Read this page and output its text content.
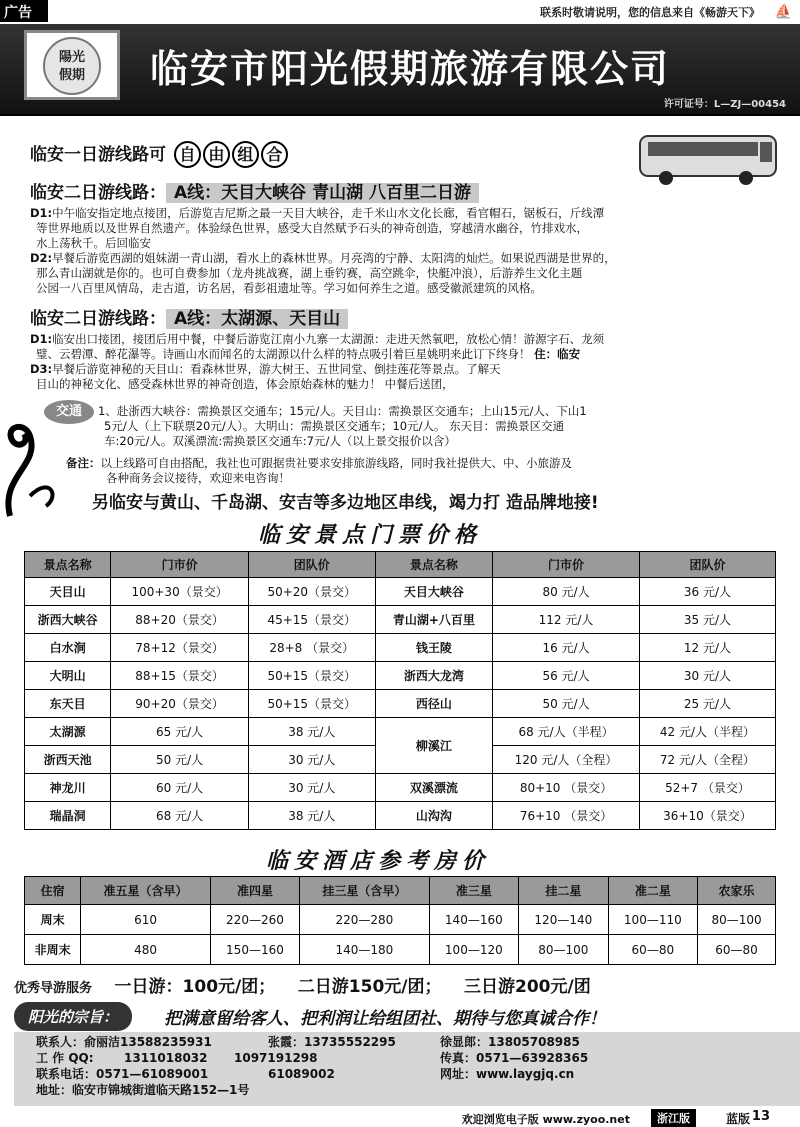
广告	联系时敬请说明，您的信息来自《畅游天下》 ⛵
陽光
假期	临安市阳光假期旅游有限公司
许可证号：L—ZJ—00454
临安一日游线路可 自 由 组 合
临安二日游线路： A线：天目大峡谷 青山湖 八百里二日游
D1:中午临安指定地点接团，后游览吉尼斯之最一天目大峡谷，走千米山水文化长廊，看官帽石，锯板石，斤线潭
等世界地质以及世界自然遗产。体验绿色世界，感受大自然赋予石头的神奇创造，穿越清水幽谷，竹排戏水，
水上荡秋千。后回临安
D2:早餐后游览西湖的姐妹湖一青山湖，看水上的森林世界。月亮湾的宁静、太阳湾的灿烂。如果说西湖是世界的，
那么青山湖就是你的。也可自费参加（龙舟挑战赛，湖上垂钓赛，高空跳伞，快艇冲浪），后游养生文化主题
公园一八百里风情岛，走古道，访名居，看彭祖遗址等。学习如何养生之道。感受徽派建筑的风格。
临安二日游线路： A线：太湖源、天目山
D1:临安出口接团，接团后用中餐，中餐后游览江南小九寨一太湖源：走进天然氧吧，放松心情！游源字石、龙须
璧、云碧潭、醉花瀑等。诗画山水而闻名的太湖源以什么样的特点吸引着巨星姚明来此订下终身！ 住：临安
D3:早餐后游览神秘的天目山：看森林世界，游大树王、五世同堂、倒挂莲花等景点。了解天
目山的神秘文化、感受森林世界的神奇创造，体会原始森林的魅力！ 中餐后送团，
交通	1、赴浙西大峡谷：需换景区交通车；15元/人。天目山：需换景区交通车；上山15元/人、下山1
5元/人（上下联票20元/人）。大明山：需换景区交通车；10元/人。 东天目：需换景区交通
车:20元/人。双溪漂流:需换景区交通车:7元/人（以上景交报价以含）
备注：以上线路可自由搭配，我社也可跟据贵社要求安排旅游线路，同时我社提供大、中、小旅游及
各种商务会议接待，欢迎来电咨询！
另临安与黄山、千岛湖、安吉等多边地区串线，竭力打 造品牌地接!
临安景点门票价格
景点名称	门市价	团队价	景点名称	门市价	团队价
天目山	100+30（景交）	50+20（景交）	天目大峡谷	80 元/人	36 元/人
浙西大峡谷	88+20（景交）	45+15（景交）	青山湖+八百里	112 元/人	35 元/人
白水涧	78+12（景交）	28+8 （景交）	钱王陵	16 元/人	12 元/人
大明山	88+15（景交）	50+15（景交）	浙西大龙湾	56 元/人	30 元/人
东天目	90+20（景交）	50+15（景交）	西径山	50 元/人	25 元/人
太湖源	65 元/人	38 元/人	柳溪江	68 元/人（半程）	42 元/人（半程）
浙西天池	50 元/人	30 元/人		120 元/人（全程）	72 元/人（全程）
神龙川	60 元/人	30 元/人	双溪漂流	80+10 （景交）	52+7 （景交）
瑞晶洞	68 元/人	38 元/人	山沟沟	76+10 （景交）	36+10（景交）
临安酒店参考房价
住宿	准五星（含早）	准四星	挂三星（含早）	准三星	挂二星	准二星	农家乐
周末	610	220—260	220—280	140—160	120—140	100—110	80—100
非周末	480	150—160	140—180	100—120	80—100	60—80	60—80
优秀导游服务 一日游：100元/团； 二日游150元/团； 三日游200元/团
阳光的宗旨：	把满意留给客人、把利润让给组团社、期待与您真诚合作！
联系人：俞丽洁13588235931	张霞：13735552295	徐显郎：13805708985
工 作 QQ:	1311018032	1097191298	传真：0571—63928365
联系电话：0571—61089001	61089002	网址：www.laygjq.cn
地址：临安市锦城街道临天路152—1号
欢迎浏览电子版 www.zyoo.net	浙江版	蓝版 13
